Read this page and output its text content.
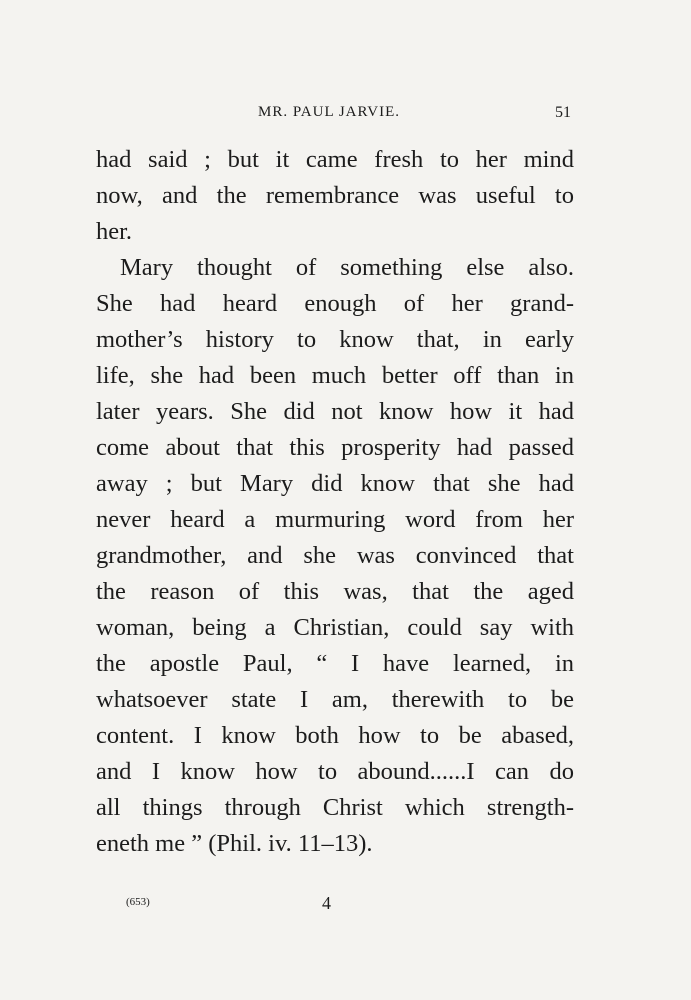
MR. PAUL JARVIE.	51
had said ; but it came fresh to her mind
now, and the remembrance was useful to
her.
Mary thought of something else also.
She had heard enough of her grand-
mother’s history to know that, in early
life, she had been much better off than in
later years. She did not know how it had
come about that this prosperity had passed
away ; but Mary did know that she had
never heard a murmuring word from her
grandmother, and she was convinced that
the reason of this was, that the aged
woman, being a Christian, could say with
the apostle Paul, “ I have learned, in
whatsoever state I am, therewith to be
content. I know both how to be abased,
and I know how to abound......I can do
all things through Christ which strength-
eneth me ” (Phil. iv. 11–13).
(653)	4
